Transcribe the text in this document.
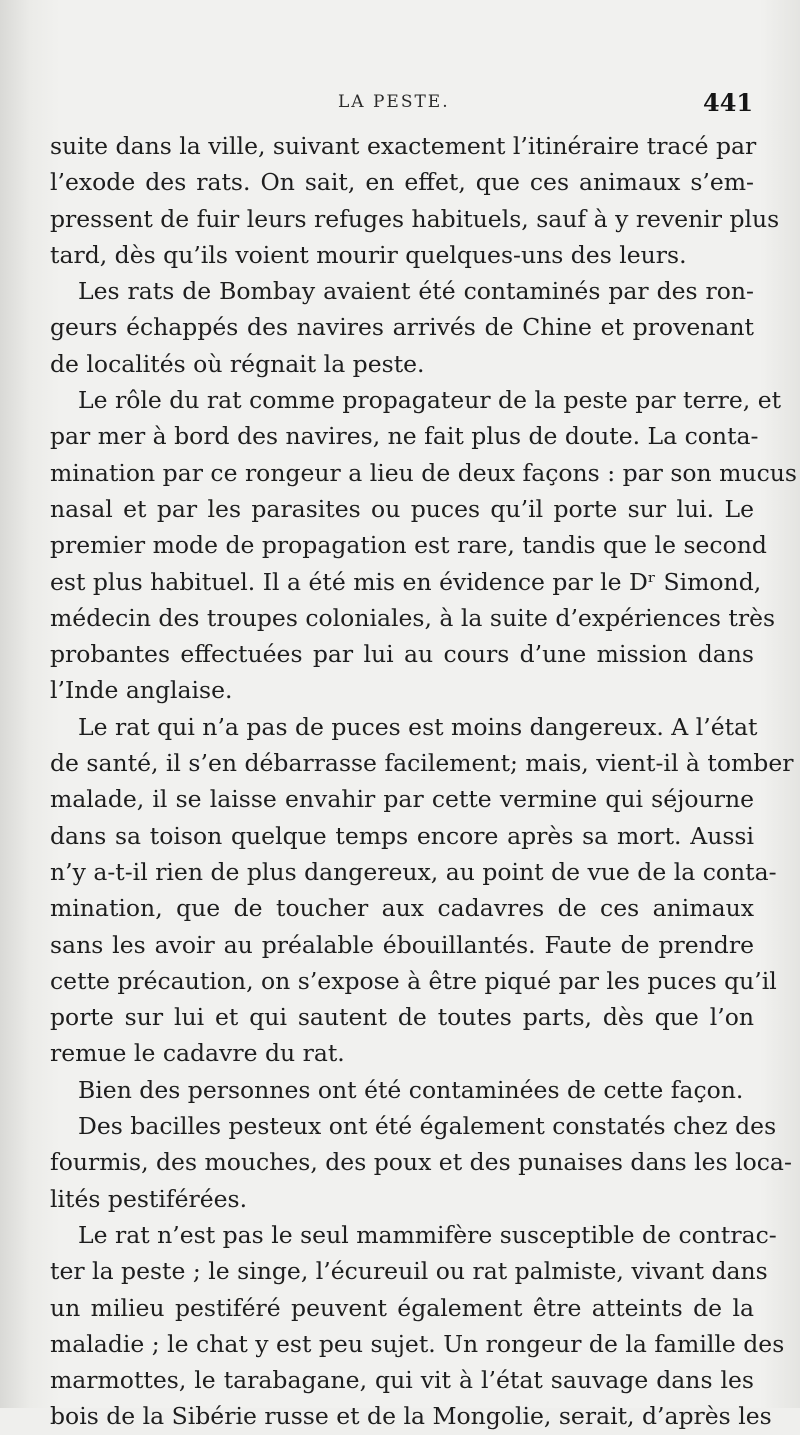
LA PESTE.	441
suite dans la ville, suivant exactement l’itinéraire tracé par
l’exode des rats. On sait, en effet, que ces animaux s’em-
pressent de fuir leurs refuges habituels, sauf à y revenir plus
tard, dès qu’ils voient mourir quelques-uns des leurs.
Les rats de Bombay avaient été contaminés par des ron-
geurs échappés des navires arrivés de Chine et provenant
de localités où régnait la peste.
Le rôle du rat comme propagateur de la peste par terre, et
par mer à bord des navires, ne fait plus de doute. La conta-
mination par ce rongeur a lieu de deux façons : par son mucus
nasal et par les parasites ou puces qu’il porte sur lui. Le
premier mode de propagation est rare, tandis que le second
est plus habituel. Il a été mis en évidence par le Dʳ Simond,
médecin des troupes coloniales, à la suite d’expériences très
probantes effectuées par lui au cours d’une mission dans
l’Inde anglaise.
Le rat qui n’a pas de puces est moins dangereux. A l’état
de santé, il s’en débarrasse facilement; mais, vient-il à tomber
malade, il se laisse envahir par cette vermine qui séjourne
dans sa toison quelque temps encore après sa mort. Aussi
n’y a-t-il rien de plus dangereux, au point de vue de la conta-
mination, que de toucher aux cadavres de ces animaux
sans les avoir au préalable ébouillantés. Faute de prendre
cette précaution, on s’expose à être piqué par les puces qu’il
porte sur lui et qui sautent de toutes parts, dès que l’on
remue le cadavre du rat.
Bien des personnes ont été contaminées de cette façon.
Des bacilles pesteux ont été également constatés chez des
fourmis, des mouches, des poux et des punaises dans les loca-
lités pestiférées.
Le rat n’est pas le seul mammifère susceptible de contrac-
ter la peste ; le singe, l’écureuil ou rat palmiste, vivant dans
un milieu pestiféré peuvent également être atteints de la
maladie ; le chat y est peu sujet. Un rongeur de la famille des
marmottes, le tarabagane, qui vit à l’état sauvage dans les
bois de la Sibérie russe et de la Mongolie, serait, d’après les
